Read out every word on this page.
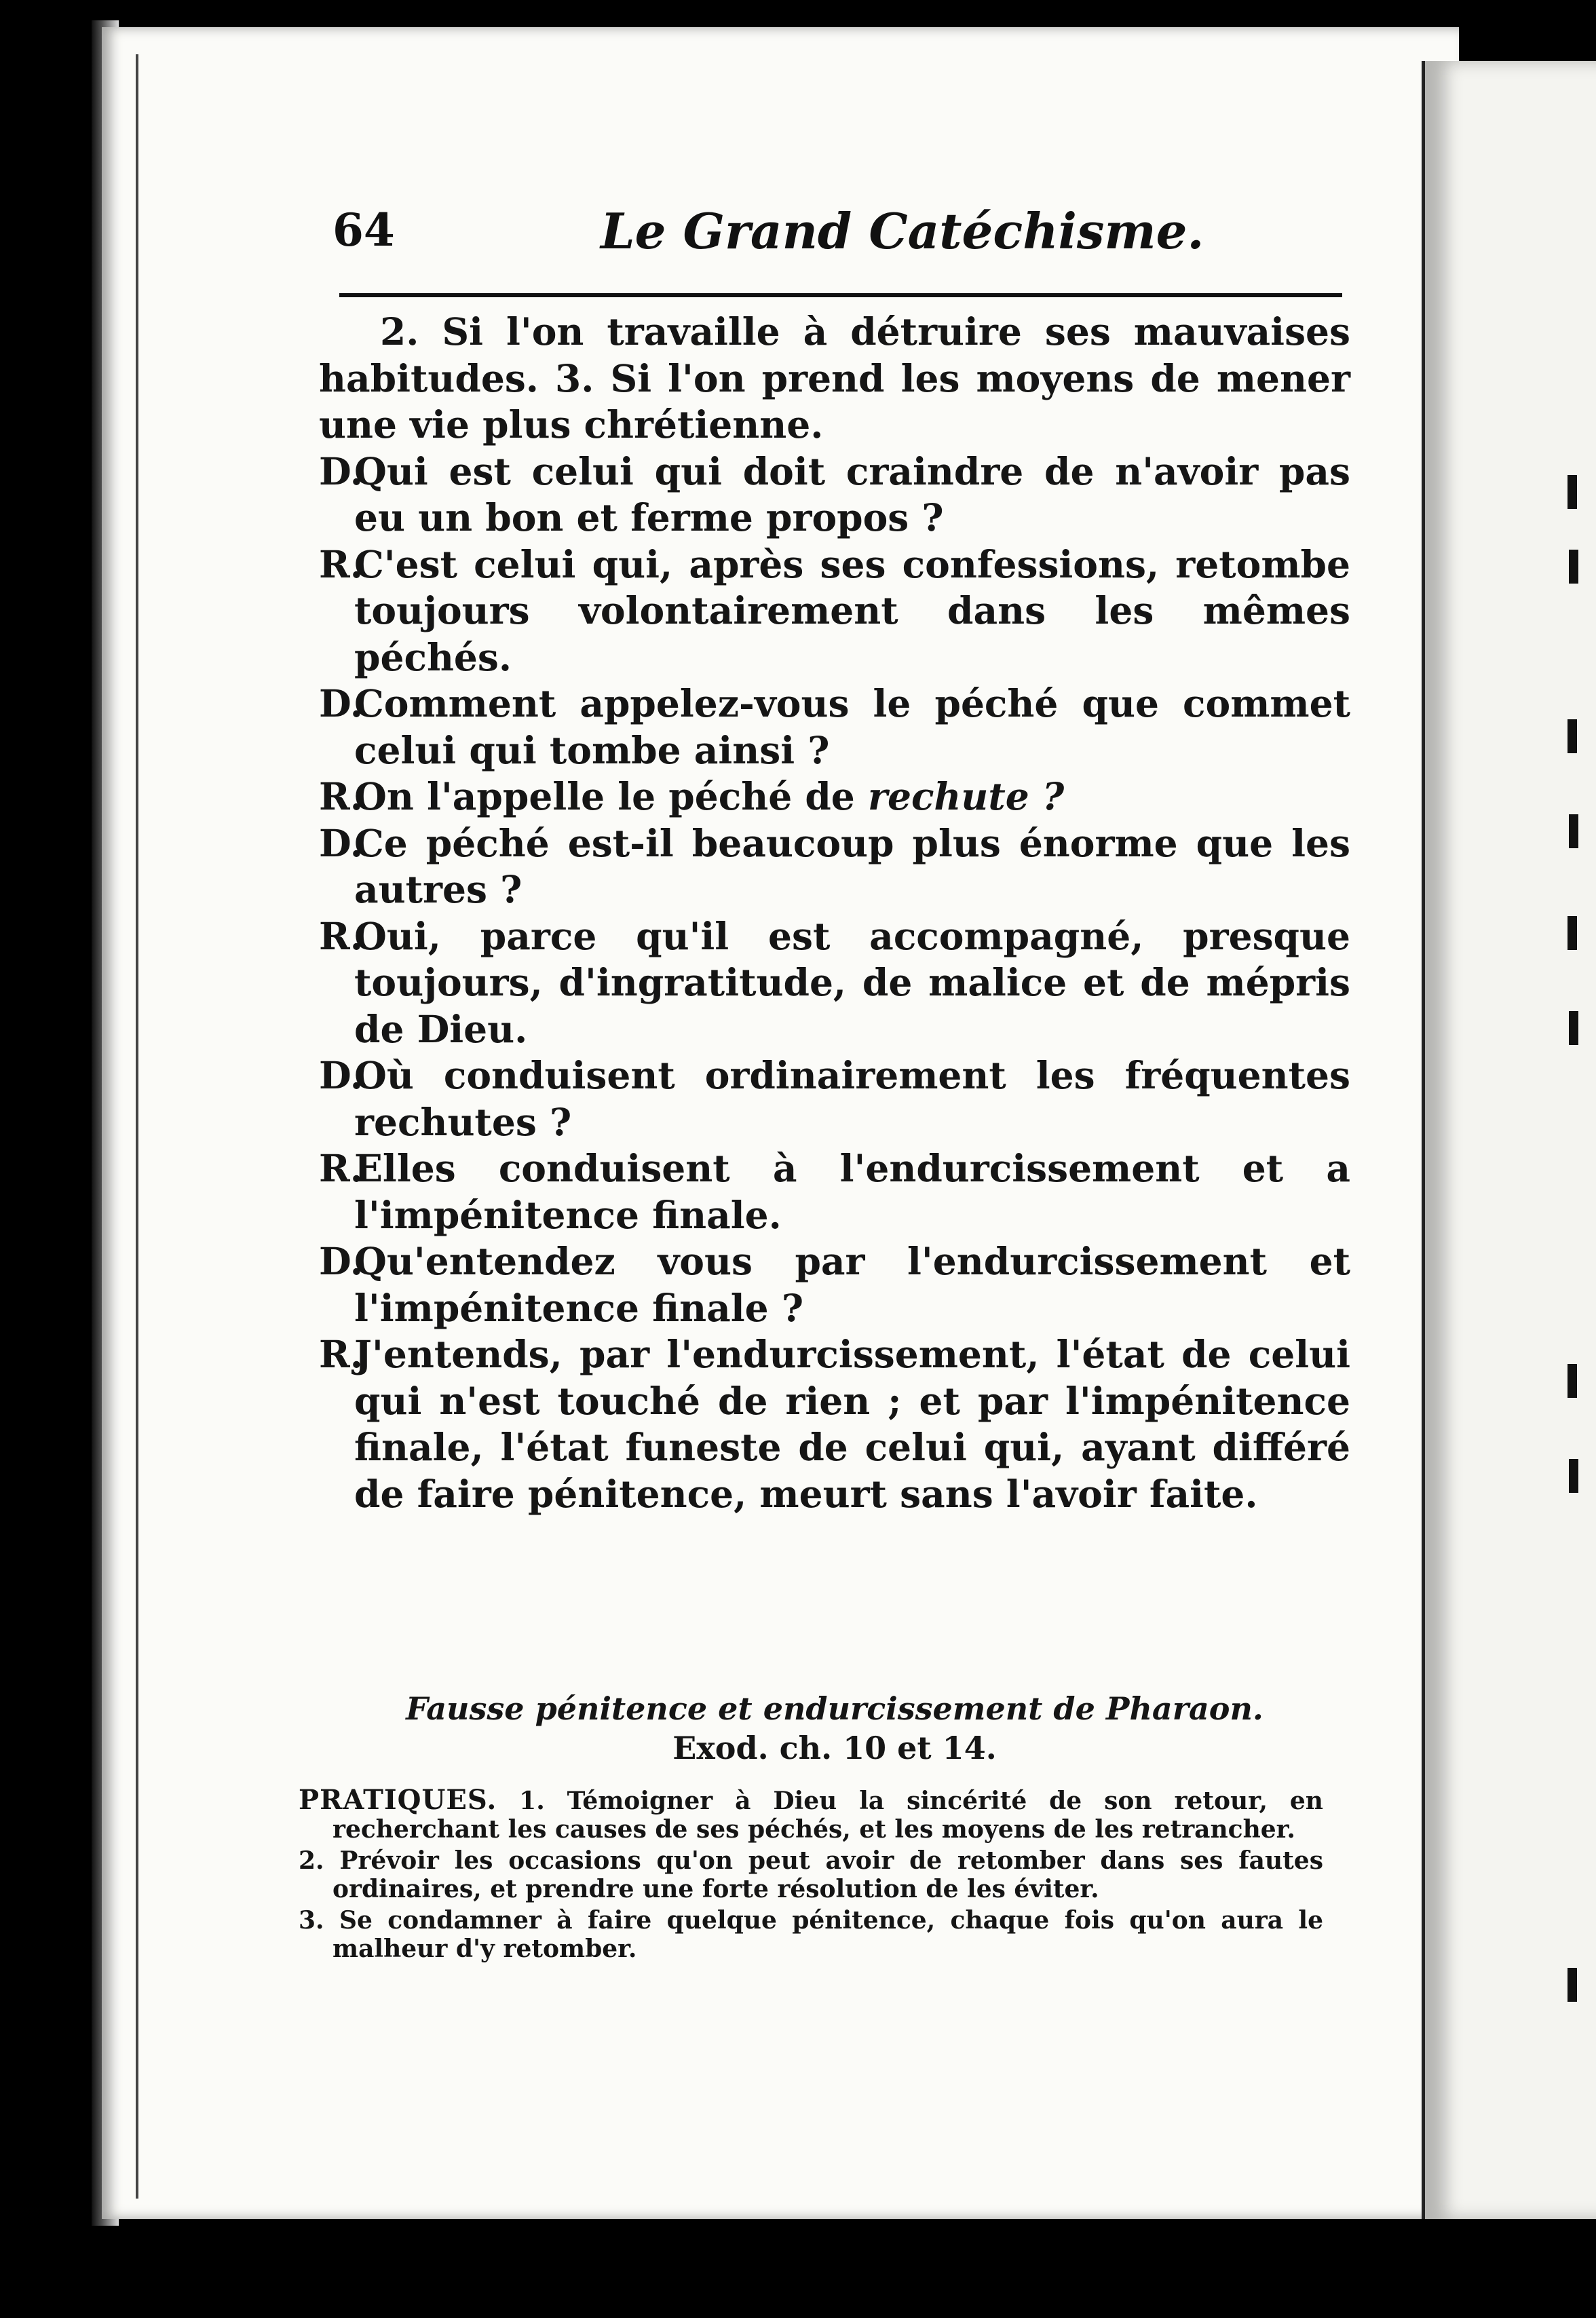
64	Le Grand Catéchisme.

2. Si l'on travaille à détruire ses mauvaises habitudes. 3. Si l'on prend les moyens de mener une vie plus chrétienne.

D.Qui est celui qui doit craindre de n'avoir pas eu un bon et ferme propos ?

R.C'est celui qui, après ses confessions, retombe toujours volontairement dans les mêmes péchés.

D.Comment appelez-vous le péché que commet celui qui tombe ainsi ?

R.On l'appelle le péché de rechute ?

D.Ce péché est-il beaucoup plus énorme que les autres ?

R.Oui, parce qu'il est accompagné, presque toujours, d'ingratitude, de malice et de mépris de Dieu.

D.Où conduisent ordinairement les fréquentes rechutes ?

R.Elles conduisent à l'endurcissement et a l'impénitence finale.

D.Qu'entendez vous par l'endurcissement et l'impénitence finale ?

R.J'entends, par l'endurcissement, l'état de celui qui n'est touché de rien ; et par l'impénitence finale, l'état funeste de celui qui, ayant différé de faire pénitence, meurt sans l'avoir faite.

Fausse pénitence et endurcissement de Pharaon.
Exod. ch. 10 et 14.

PRATIQUES. 1. Témoigner à Dieu la sincérité de son retour, en recherchant les causes de ses péchés, et les moyens de les retrancher.

2. Prévoir les occasions qu'on peut avoir de retomber dans ses fautes ordinaires, et prendre une forte résolution de les éviter.

3. Se condamner à faire quelque pénitence, chaque fois qu'on aura le malheur d'y retomber.
